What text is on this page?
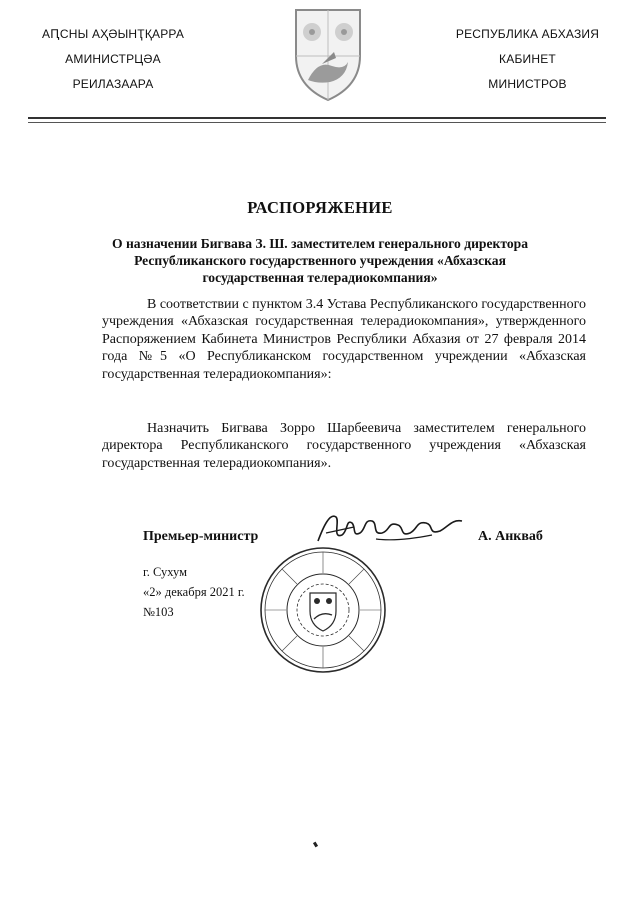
АԤСНЫ АҲӘЫНҬҚАРРА
АМИНИСТРЦӘА
РЕИЛАЗААРА
РЕСПУБЛИКА АБХАЗИЯ
КАБИНЕТ
МИНИСТРОВ
РАСПОРЯЖЕНИЕ
О назначении Бигвава З. Ш. заместителем генерального директора Республиканского государственного учреждения «Абхазская государственная телерадиокомпания»
В соответствии с пунктом 3.4 Устава Республиканского государственного учреждения «Абхазская государственная телерадиокомпания», утвержденного Распоряжением Кабинета Министров Республики Абхазия от 27 февраля 2014 года №5 «О Республиканском государственном учреждении «Абхазская государственная телерадиокомпания»:
Назначить Бигвава Зорро Шарбеевича заместителем генерального директора Республиканского государственного учреждения «Абхазская государственная телерадиокомпания».
Премьер-министр	А. Анкваб
г. Сухум
«2» декабря 2021 г.
№103
